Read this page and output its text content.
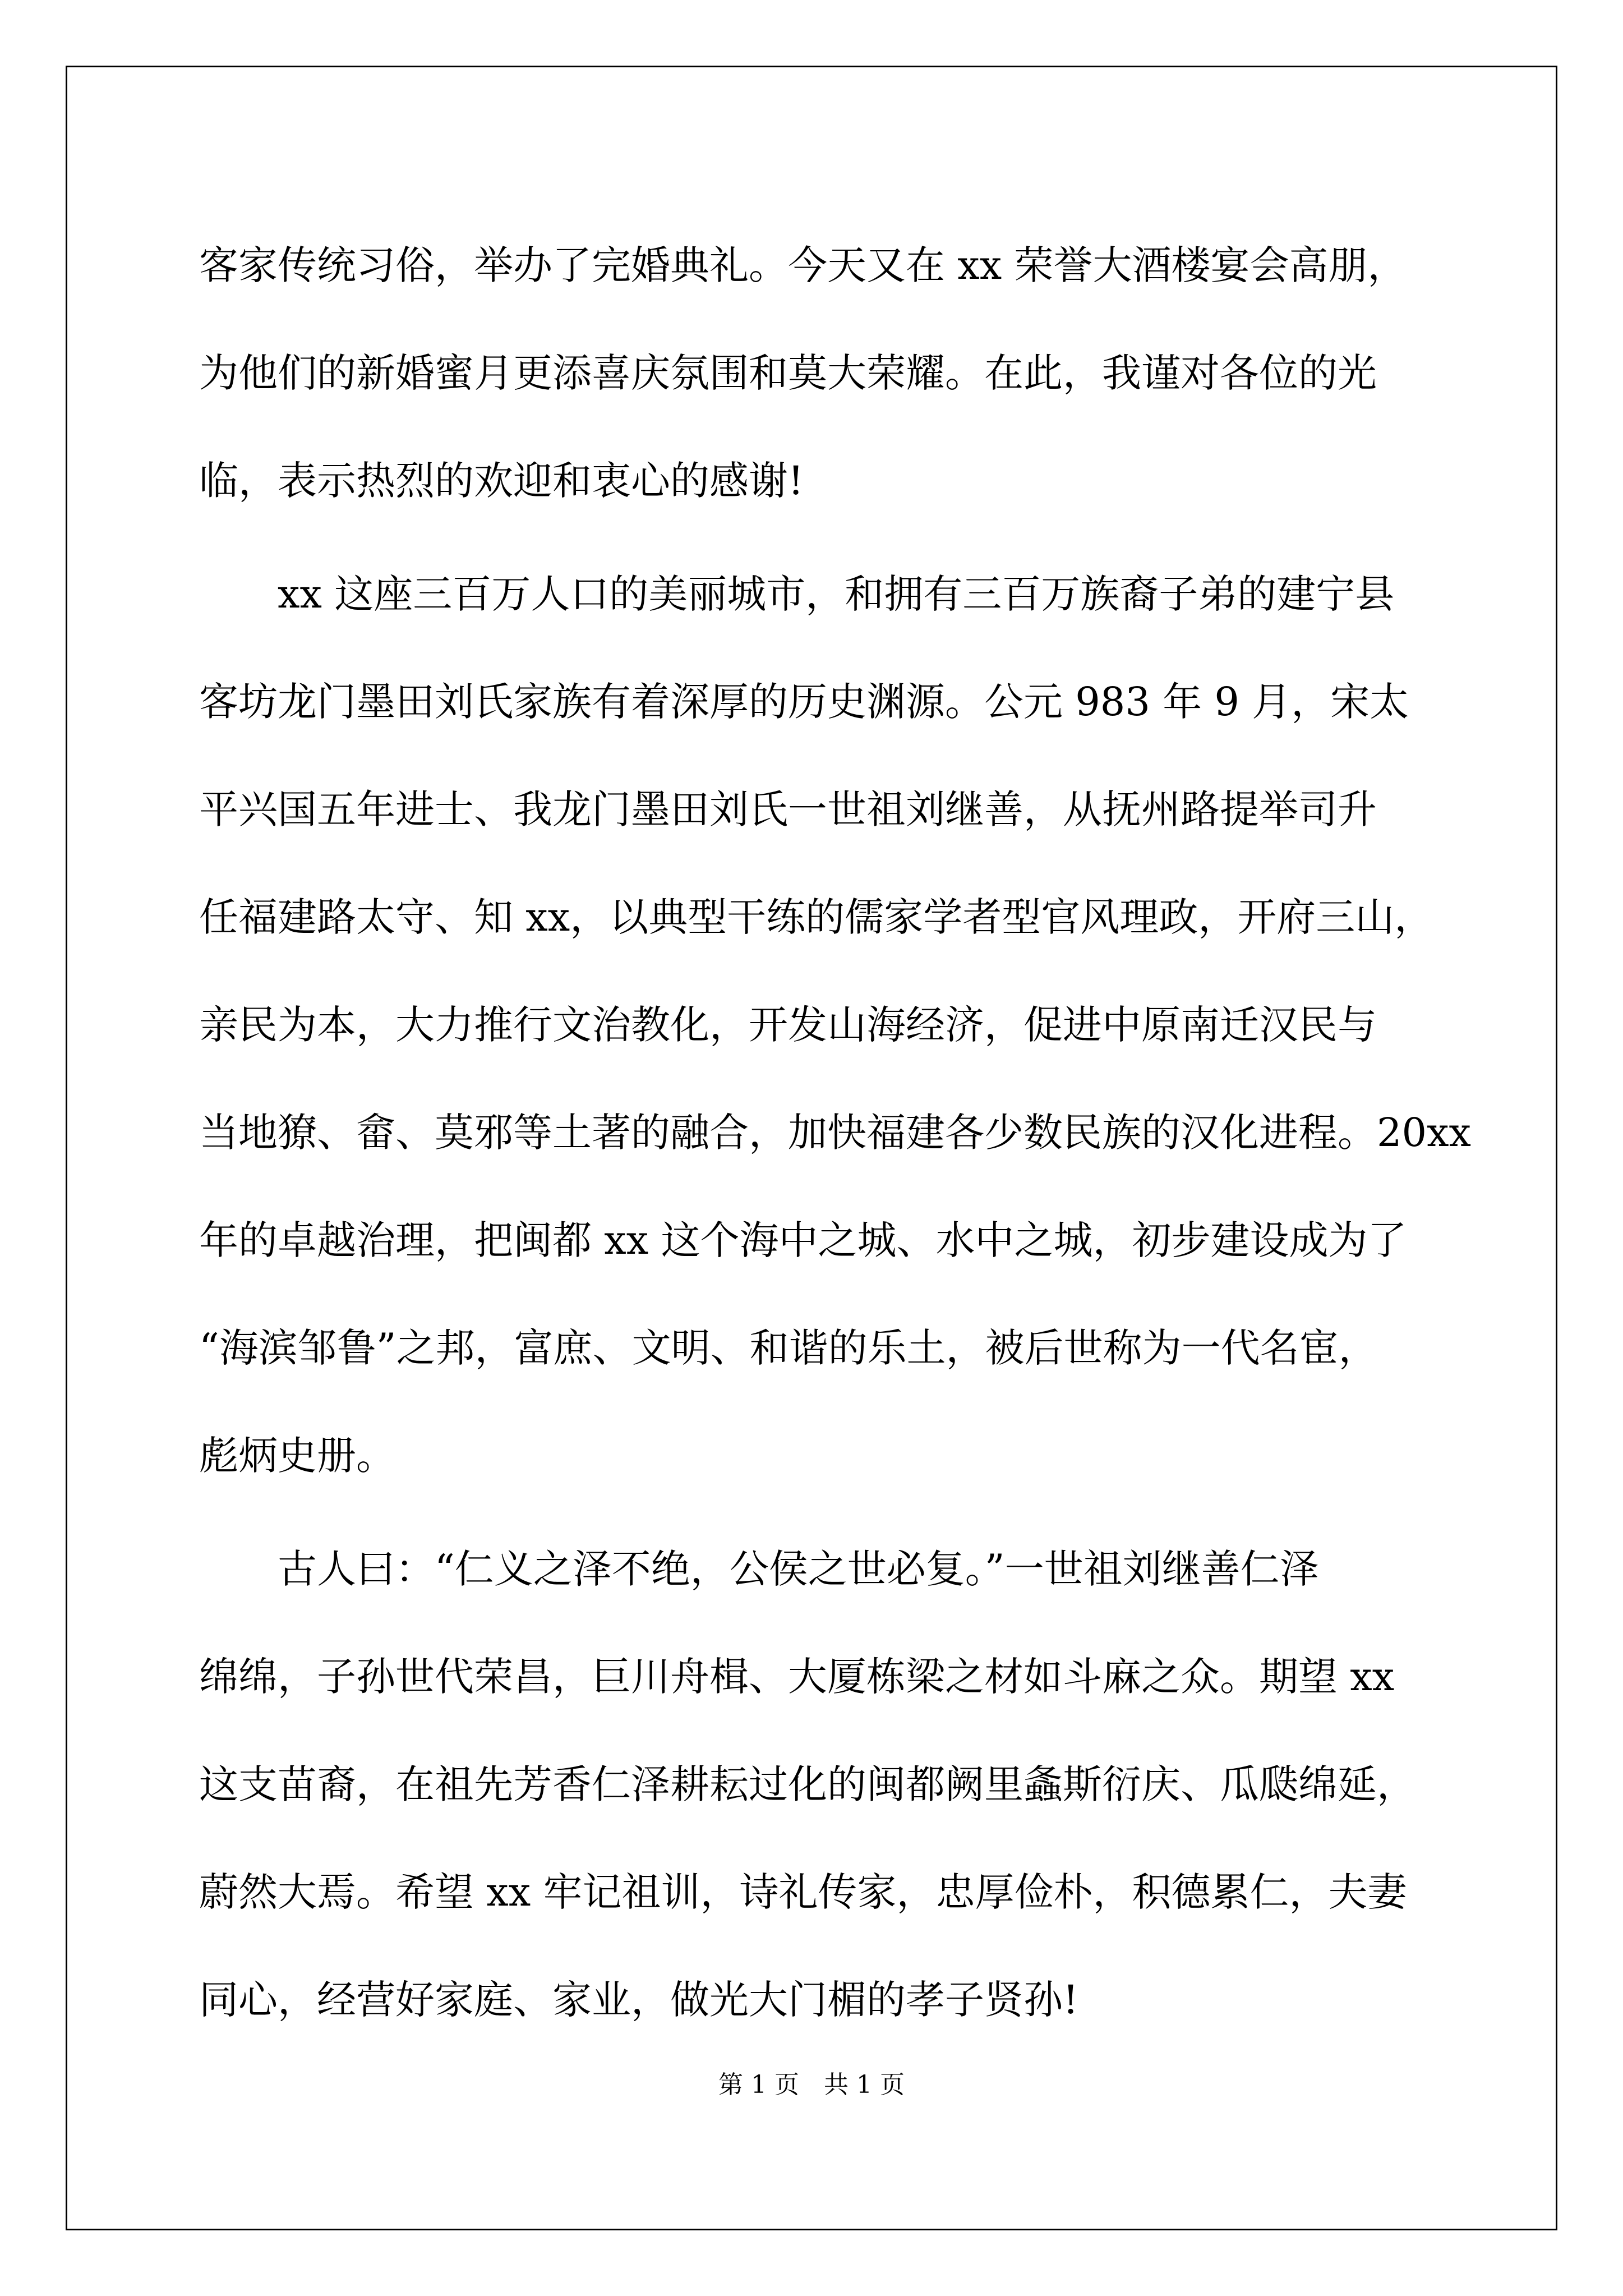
客家传统习俗，举办了完婚典礼。今天又在 xx 荣誉大酒楼宴会高朋，
为他们的新婚蜜月更添喜庆氛围和莫大荣耀。在此，我谨对各位的光
临，表示热烈的欢迎和衷心的感谢!
xx 这座三百万人口的美丽城市，和拥有三百万族裔子弟的建宁县
客坊龙门墨田刘氏家族有着深厚的历史渊源。公元 983 年 9 月，宋太
平兴国五年进士、我龙门墨田刘氏一世祖刘继善，从抚州路提举司升
任福建路太守、知 xx，以典型干练的儒家学者型官风理政，开府三山，
亲民为本，大力推行文治教化，开发山海经济，促进中原南迁汉民与
当地獠、畲、莫邪等土著的融合，加快福建各少数民族的汉化进程。20xx
年的卓越治理，把闽都 xx 这个海中之城、水中之城，初步建设成为了
“海滨邹鲁”之邦，富庶、文明、和谐的乐土，被后世称为一代名宦，
彪炳史册。
古人曰：“仁义之泽不绝，公侯之世必复。”一世祖刘继善仁泽
绵绵，子孙世代荣昌，巨川舟楫、大厦栋梁之材如斗麻之众。期望 xx
这支苗裔，在祖先芳香仁泽耕耘过化的闽都阙里螽斯衍庆、瓜瓞绵延，
蔚然大焉。希望 xx 牢记祖训，诗礼传家，忠厚俭朴，积德累仁，夫妻
同心，经营好家庭、家业，做光大门楣的孝子贤孙!
第 1 页　共 1 页
